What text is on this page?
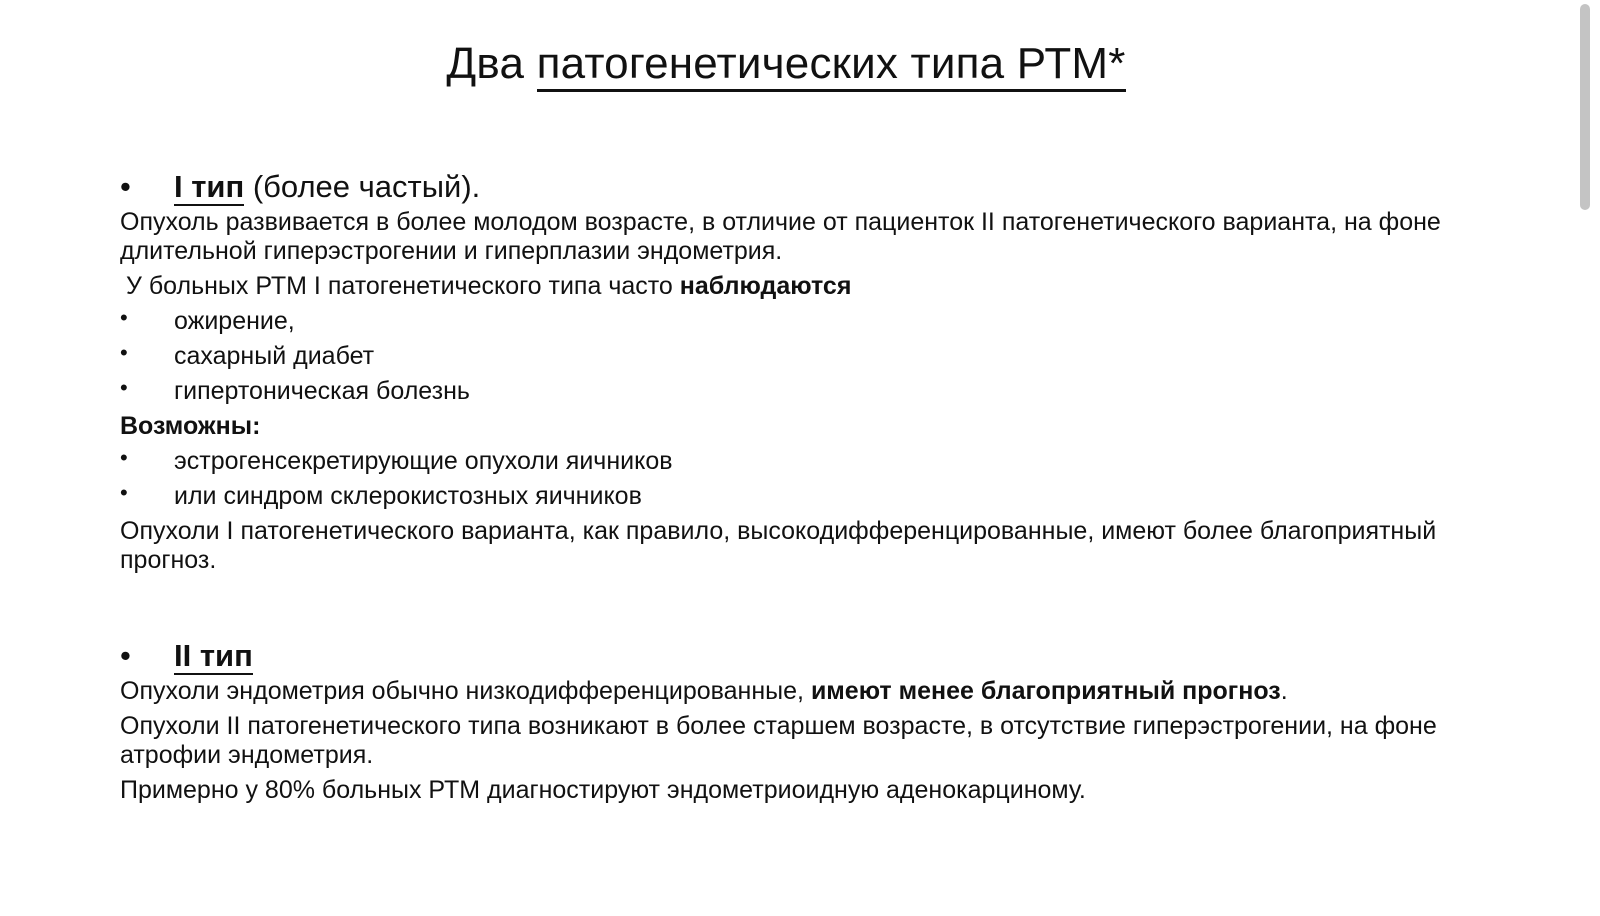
Два патогенетических типа РТМ*
• I тип (более частый).

Опухоль развивается в более молодом возрасте, в отличие от пациенток II патогенетического варианта, на фоне длительной гиперэстрогении и гиперплазии эндометрия.

У больных РТМ I патогенетического типа часто наблюдаются

• ожирение,
• сахарный диабет
• гипертоническая болезнь

Возможны:

• эстрогенсекретирующие опухоли яичников
• или синдром склерокистозных яичников

Опухоли I патогенетического варианта, как правило, высокодифференцированные, имеют более благоприятный прогноз.

• II тип

Опухоли эндометрия обычно низкодифференцированные, имеют менее благоприятный прогноз.

Опухоли II патогенетического типа возникают в более старшем возрасте, в отсутствие гиперэстрогении, на фоне атрофии эндометрия.

Примерно у 80% больных РТМ диагностируют эндометриоидную аденокарциному.
